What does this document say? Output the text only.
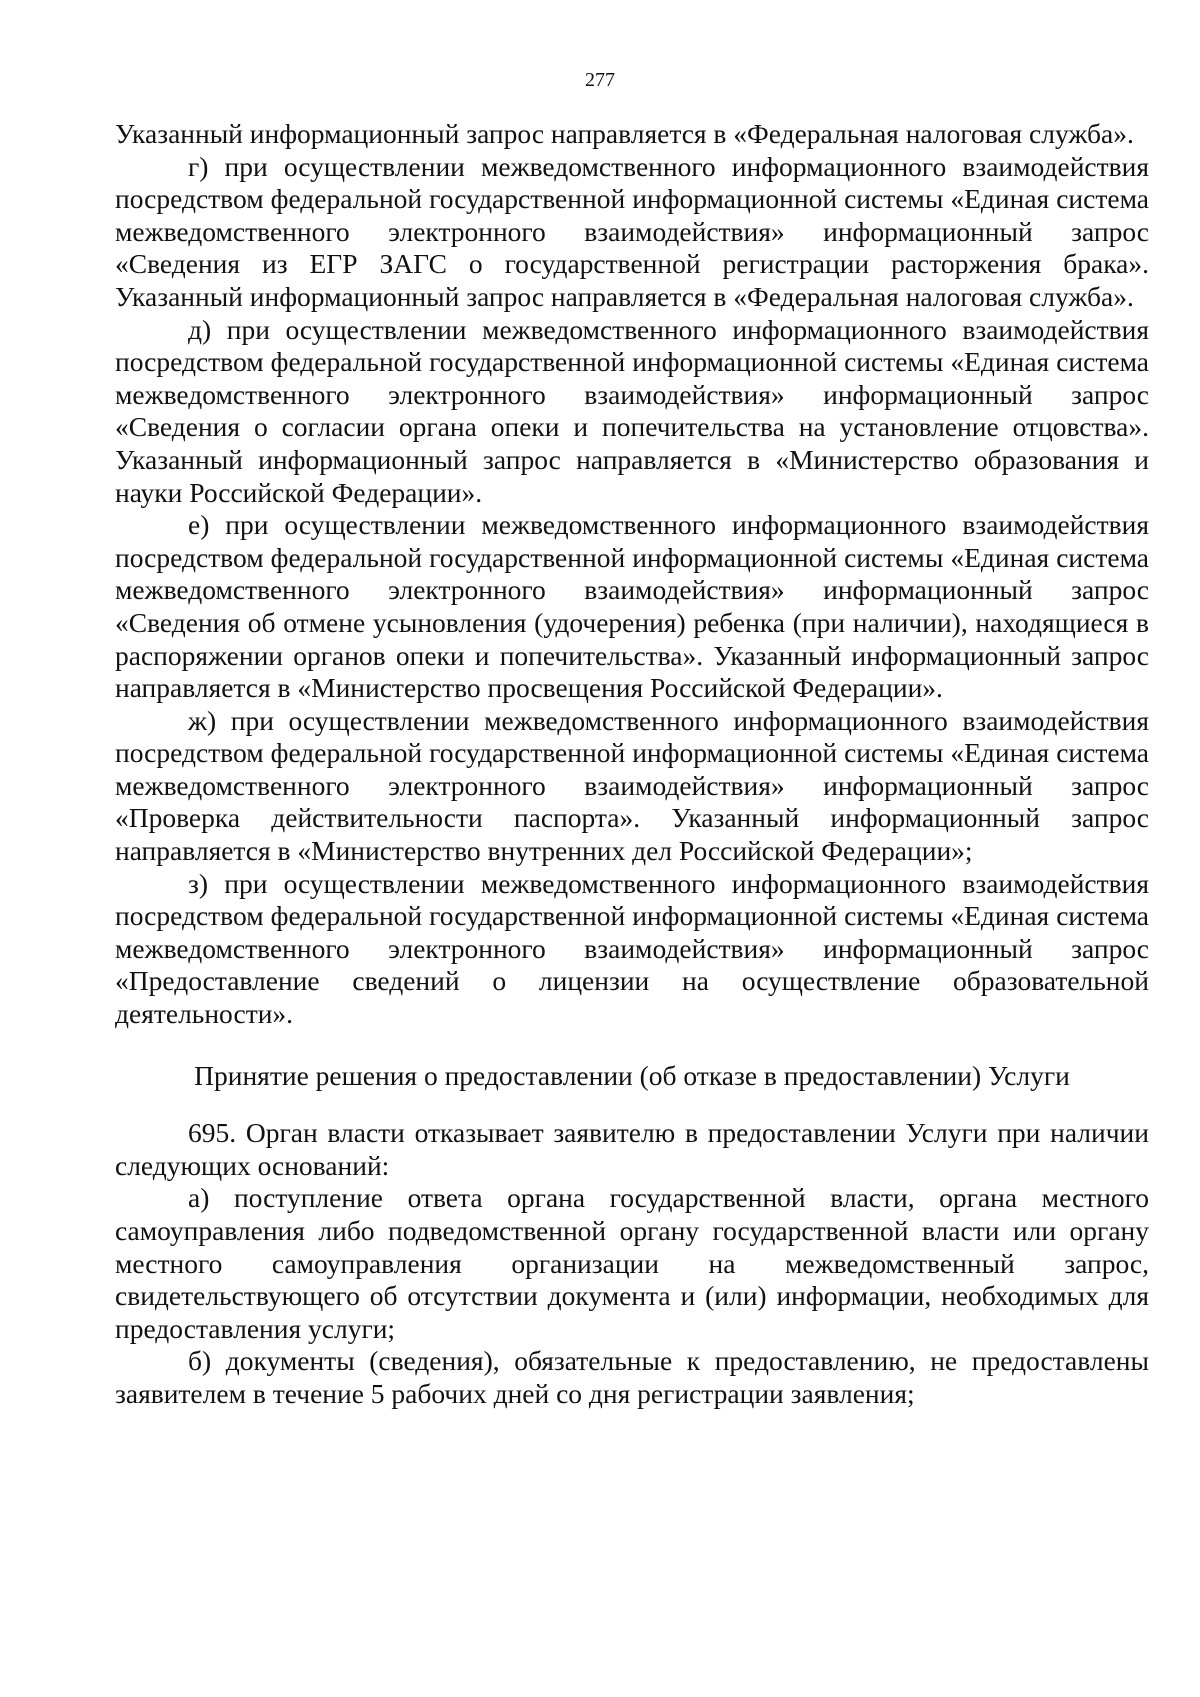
277

Указанный информационный запрос направляется в «Федеральная налоговая служба».

г) при осуществлении межведомственного информационного взаимодействия посредством федеральной государственной информационной системы «Единая система межведомственного электронного взаимодействия» информационный запрос «Сведения из ЕГР ЗАГС о государственной регистрации расторжения брака». Указанный информационный запрос направляется в «Федеральная налоговая служба».

д) при осуществлении межведомственного информационного взаимодействия посредством федеральной государственной информационной системы «Единая система межведомственного электронного взаимодействия» информационный запрос «Сведения о согласии органа опеки и попечительства на установление отцовства». Указанный информационный запрос направляется в «Министерство образования и науки Российской Федерации».

е) при осуществлении межведомственного информационного взаимодействия посредством федеральной государственной информационной системы «Единая система межведомственного электронного взаимодействия» информационный запрос «Сведения об отмене усыновления (удочерения) ребенка (при наличии), находящиеся в распоряжении органов опеки и попечительства». Указанный информационный запрос направляется в «Министерство просвещения Российской Федерации».

ж) при осуществлении межведомственного информационного взаимодействия посредством федеральной государственной информационной системы «Единая система межведомственного электронного взаимодействия» информационный запрос «Проверка действительности паспорта». Указанный информационный запрос направляется в «Министерство внутренних дел Российской Федерации»;

з) при осуществлении межведомственного информационного взаимодействия посредством федеральной государственной информационной системы «Единая система межведомственного электронного взаимодействия» информационный запрос «Предоставление сведений о лицензии на осуществление образовательной деятельности».

Принятие решения о предоставлении (об отказе в предоставлении) Услуги

695. Орган власти отказывает заявителю в предоставлении Услуги при наличии следующих оснований:

а) поступление ответа органа государственной власти, органа местного самоуправления либо подведомственной органу государственной власти или органу местного самоуправления организации на межведомственный запрос, свидетельствующего об отсутствии документа и (или) информации, необходимых для предоставления услуги;

б) документы (сведения), обязательные к предоставлению, не предоставлены заявителем в течение 5 рабочих дней со дня регистрации заявления;
